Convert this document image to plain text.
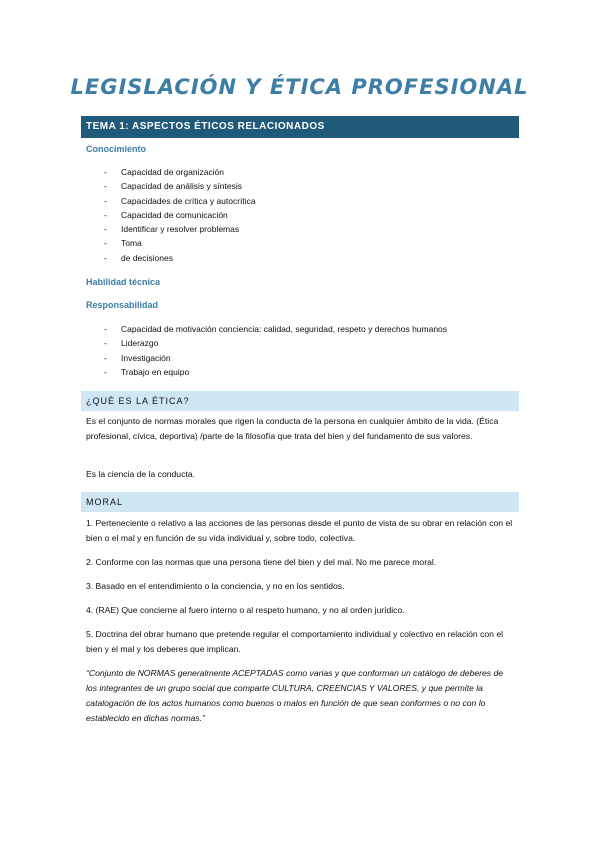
LEGISLACIÓN Y ÉTICA PROFESIONAL
TEMA 1: ASPECTOS ÉTICOS RELACIONADOS
Conocimiento
- Capacidad de organización
- Capacidad de análisis y síntesis
- Capacidades de crítica y autocrítica
- Capacidad de comunicación
- Identificar y resolver problemas
- Toma
- de decisiones
Habilidad técnica
Responsabilidad
- Capacidad de motivación conciencia: calidad, seguridad, respeto y derechos humanos
- Liderazgo
- Investigación
- Trabajo en equipo
¿QUÉ ES LA ÉTICA?
Es el conjunto de normas morales que rigen la conducta de la persona en cualquier ámbito de la vida. (Ética profesional, cívica, deportiva) /parte de la filosofía que trata del bien y del fundamento de sus valores.
Es la ciencia de la conducta.
MORAL
1. Perteneciente o relativo a las acciones de las personas desde el punto de vista de su obrar en relación con el bien o el mal y en función de su vida individual y, sobre todo, colectiva.
2. Conforme con las normas que una persona tiene del bien y del mal. No me parece moral.
3. Basado en el entendimiento o la conciencia, y no en los sentidos.
4. (RAE) Que concierne al fuero interno o al respeto humano, y no al orden jurídico.
5. Doctrina del obrar humano que pretende regular el comportamiento individual y colectivo en relación con el bien y el mal y los deberes que implican.
“Conjunto de NORMAS generalmente ACEPTADAS como varias y que conforman un catálogo de deberes de los integrantes de un grupo social que comparte CULTURA, CREENCIAS Y VALORES, y que permite la catalogación de los actos humanos como buenos o malos en función de que sean conformes o no con lo establecido en dichas normas.”
